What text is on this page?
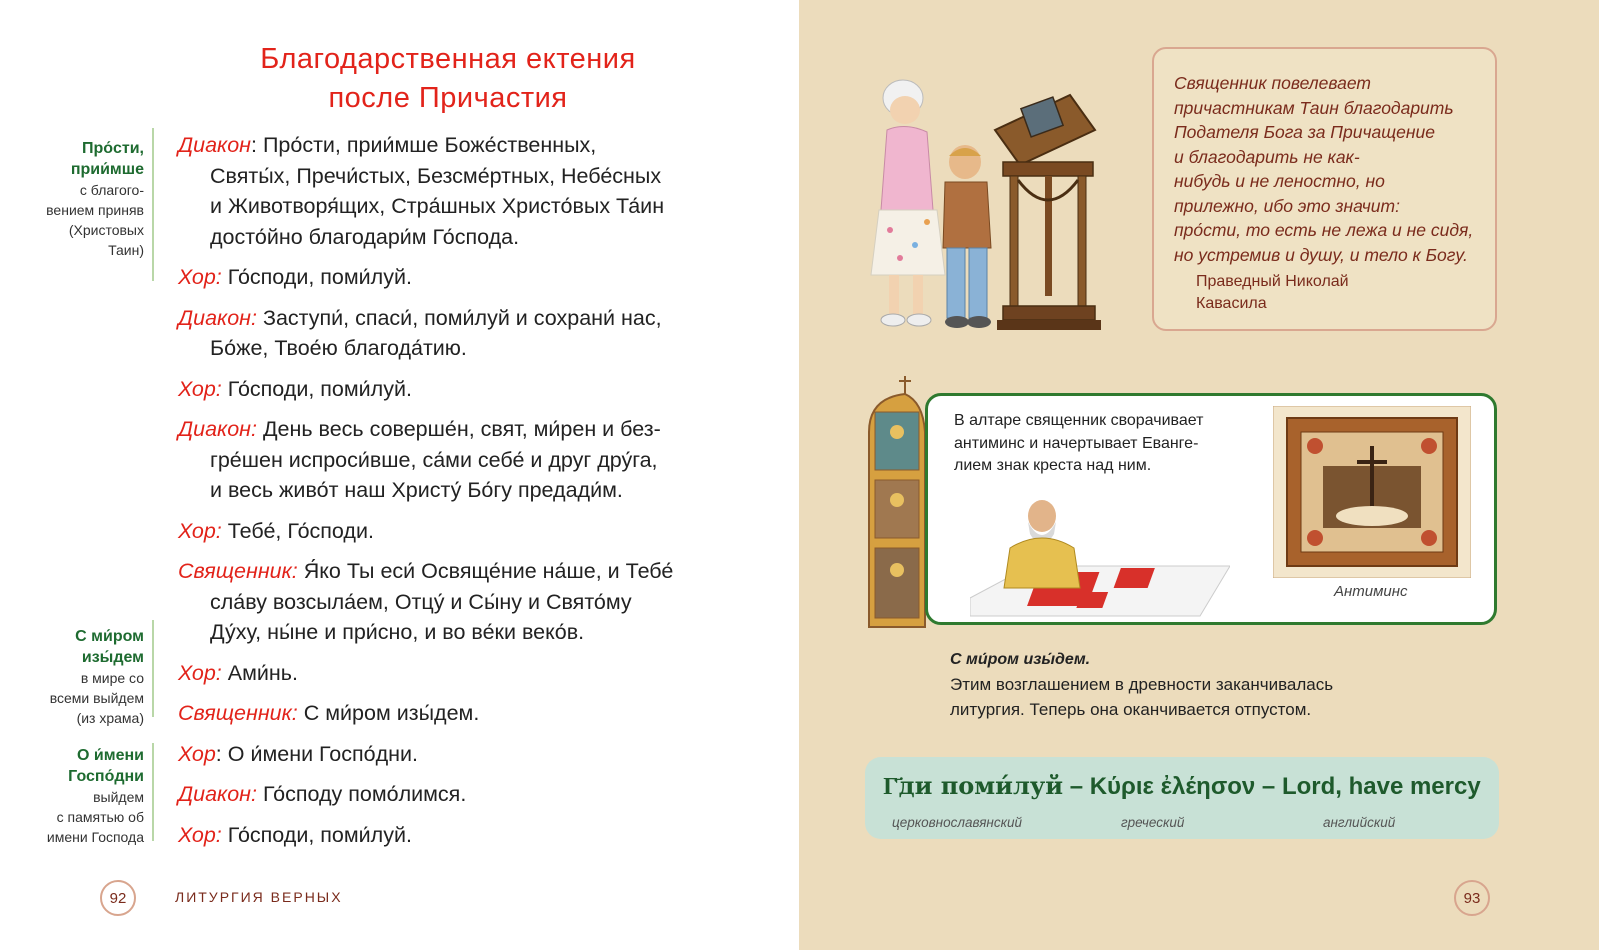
Благодарственная ектения
после Причастия
Диакон: Про́сти, прии́мше Боже́ственных,
Святы́х, Пречи́стых, Безсме́ртных, Небе́сных
и Животворя́щих, Стра́шных Христо́вых Та́ин
досто́йно благодари́м Го́спода.
Хор: Го́споди, поми́луй.
Диакон: Заступи́, спаси́, поми́луй и сохрани́ нас,
Бо́же, Твое́ю благода́тию.
Хор: Го́споди, поми́луй.
Диакон: День весь соверше́н, свят, ми́рен и без-
гре́шен испроси́вше, са́ми себе́ и друг дру́га,
и весь живо́т наш Христу́ Бо́гу предади́м.
Хор: Тебе́, Го́споди.
Священник: Я́ко Ты еси́ Освяще́ние на́ше, и Тебе́
сла́ву возсыла́ем, Отцу́ и Сы́ну и Свято́му
Ду́ху, ны́не и при́сно, и во ве́ки веко́в.
Хор: Ами́нь.
Священник: С ми́ром изы́дем.
Хор: О и́мени Госпо́дни.
Диакон: Го́споду помо́лимся.
Хор: Го́споди, поми́луй.
Про́сти,
прии́мше
с благого-
вением приняв
(Христовых
Таин)
С ми́ром
изы́дем
в мире со
всеми выйдем
(из храма)
О и́мени
Госпо́дни
выйдем
с памятью об
имени Господа
92	ЛИТУРГИЯ ВЕРНЫХ
Священник повелевает
причастникам Таин благодарить
Подателя Бога за Причащение
и благодарить не как-
нибудь и не леностно, но
прилежно, ибо это значит:
про́сти, то есть не лежа и не сидя,
но устремив и душу, и тело к Богу.
Праведный Николай
Кавасила
В алтаре священник сворачивает
антиминс и начертывает Еванге-
лием знак креста над ним.
Антиминс
С ми́ром изы́дем.
Этим возглашением в древности заканчивалась
литургия. Теперь она оканчивается отпустом.
Г҃ди поми́луй – Κύριε ἐλέησον – Lord, have mercy
церковнославянский	греческий	английский
93
